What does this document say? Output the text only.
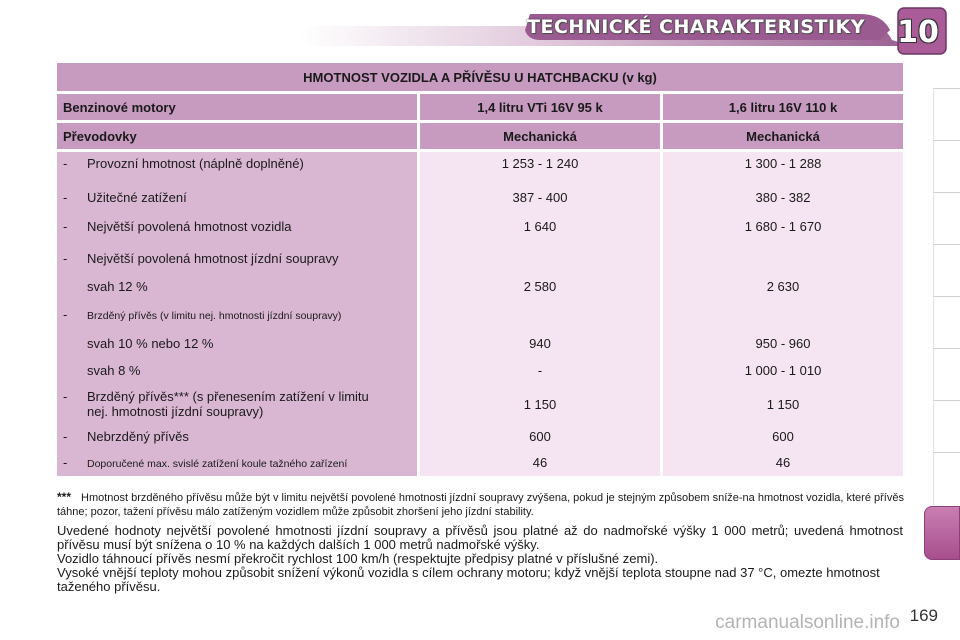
TECHNICKÉ CHARAKTERISTIKY 10
HMOTNOST VOZIDLA A PŘÍVĚSU U HATCHBACKU (v kg)		
Benzinové motory	1,4 litru VTi 16V 95 k	1,6 litru 16V 110 k
Převodovky	Mechanická	Mechanická
- Provozní hmotnost (náplně doplněné)	1 253 - 1 240	1 300 - 1 288
- Užitečné zatížení	387 - 400	380 - 382
- Největší povolená hmotnost vozidla	1 640	1 680 - 1 670
- Největší povolená hmotnost jízdní soupravy		
svah 12 %	2 580	2 630
- Brzděný přívěs (v limitu nej. hmotnosti jízdní soupravy)		
svah 10 % nebo 12 %	940	950 - 960
svah 8 %	-	1 000 - 1 010

- Brzděný přívěs*** (s přenesením zatížení v limitu nej. hmotnosti jízdní soupravy)	1 150	1 150
- Nebrzděný přívěs	600	600
- Doporučené max. svislé zatížení koule tažného zařízení	46	46
*** Hmotnost brzděného přívěsu může být v limitu největší povolené hmotnosti jízdní soupravy zvýšena, pokud je stejným způsobem sníže-na hmotnost vozidla, které přívěs táhne; pozor, tažení přívěsu málo zatíženým vozidlem může způsobit zhoršení jeho jízdní stability.

Uvedené hodnoty největší povolené hmotnosti jízdní soupravy a přívěsů jsou platné až do nadmořské výšky 1 000 metrů; uvedená hmotnost přívěsu musí být snížena o 10 % na každých dalších 1 000 metrů nadmořské výšky.

Vozidlo táhnoucí přívěs nesmí překročit rychlost 100 km/h (respektujte předpisy platné v příslušné zemi).

Vysoké vnější teploty mohou způsobit snížení výkonů vozidla s cílem ochrany motoru; když vnější teplota stoupne nad 37 °C, omezte hmotnost taženého přívěsu.

carmanualsonline.info 169
